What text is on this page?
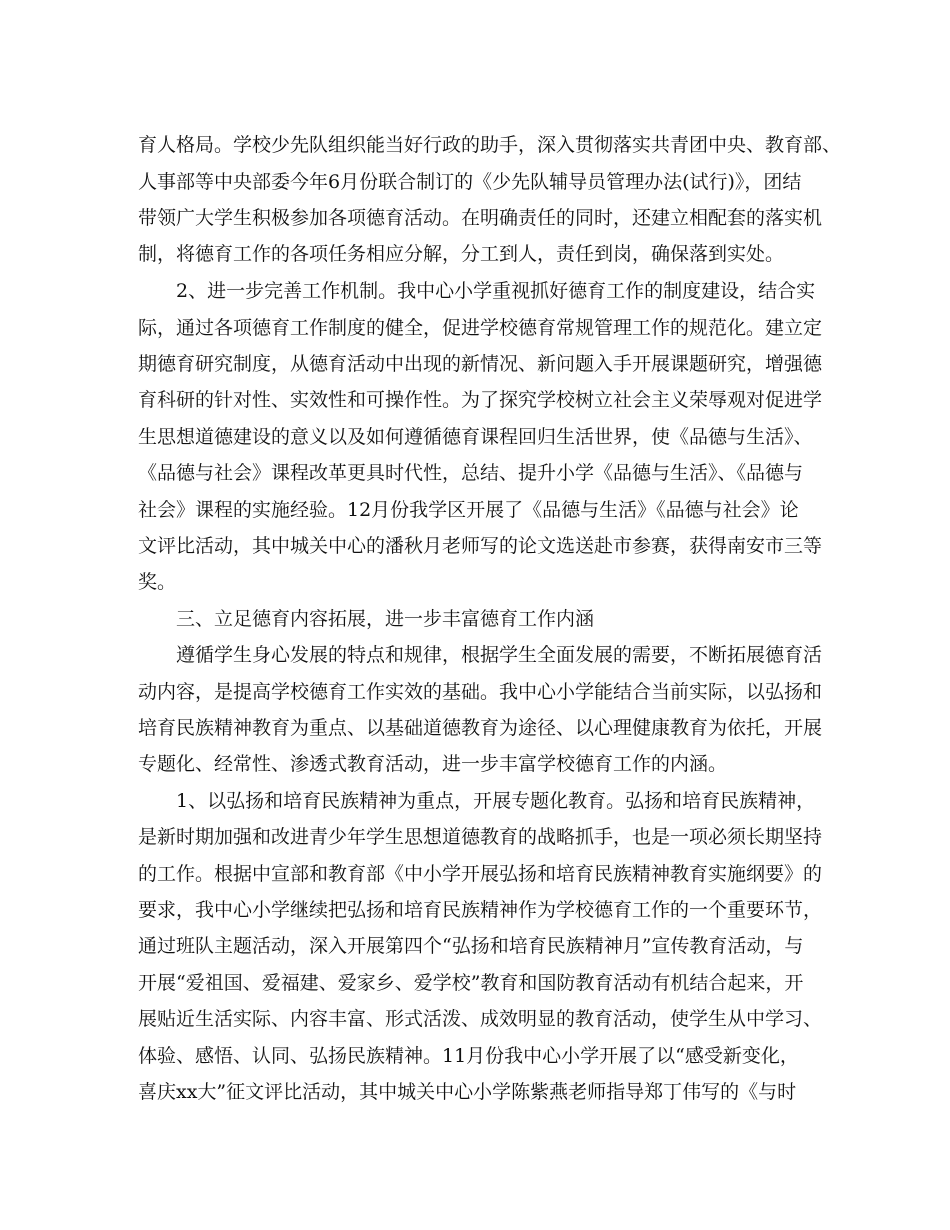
育人格局。学校少先队组织能当好行政的助手，深入贯彻落实共青团中央、教育部、
人事部等中央部委今年6月份联合制订的《少先队辅导员管理办法(试行)》，团结
带领广大学生积极参加各项德育活动。在明确责任的同时，还建立相配套的落实机
制，将德育工作的各项任务相应分解，分工到人，责任到岗，确保落到实处。
　　2、进一步完善工作机制。我中心小学重视抓好德育工作的制度建设，结合实
际，通过各项德育工作制度的健全，促进学校德育常规管理工作的规范化。建立定
期德育研究制度，从德育活动中出现的新情况、新问题入手开展课题研究，增强德
育科研的针对性、实效性和可操作性。为了探究学校树立社会主义荣辱观对促进学
生思想道德建设的意义以及如何遵循德育课程回归生活世界，使《品德与生活》、
《品德与社会》课程改革更具时代性，总结、提升小学《品德与生活》、《品德与
社会》课程的实施经验。12月份我学区开展了《品德与生活》《品德与社会》论
文评比活动，其中城关中心的潘秋月老师写的论文选送赴市参赛，获得南安市三等
奖。
　　三、立足德育内容拓展，进一步丰富德育工作内涵
　　遵循学生身心发展的特点和规律，根据学生全面发展的需要，不断拓展德育活
动内容，是提高学校德育工作实效的基础。我中心小学能结合当前实际，以弘扬和
培育民族精神教育为重点、以基础道德教育为途径、以心理健康教育为依托，开展
专题化、经常性、渗透式教育活动，进一步丰富学校德育工作的内涵。
　　1、以弘扬和培育民族精神为重点，开展专题化教育。弘扬和培育民族精神，
是新时期加强和改进青少年学生思想道德教育的战略抓手，也是一项必须长期坚持
的工作。根据中宣部和教育部《中小学开展弘扬和培育民族精神教育实施纲要》的
要求，我中心小学继续把弘扬和培育民族精神作为学校德育工作的一个重要环节，
通过班队主题活动，深入开展第四个“弘扬和培育民族精神月”宣传教育活动，与
开展“爱祖国、爱福建、爱家乡、爱学校”教育和国防教育活动有机结合起来，开
展贴近生活实际、内容丰富、形式活泼、成效明显的教育活动，使学生从中学习、
体验、感悟、认同、弘扬民族精神。11月份我中心小学开展了以“感受新变化，
喜庆xx大”征文评比活动，其中城关中心小学陈紫燕老师指导郑丁伟写的《与时
